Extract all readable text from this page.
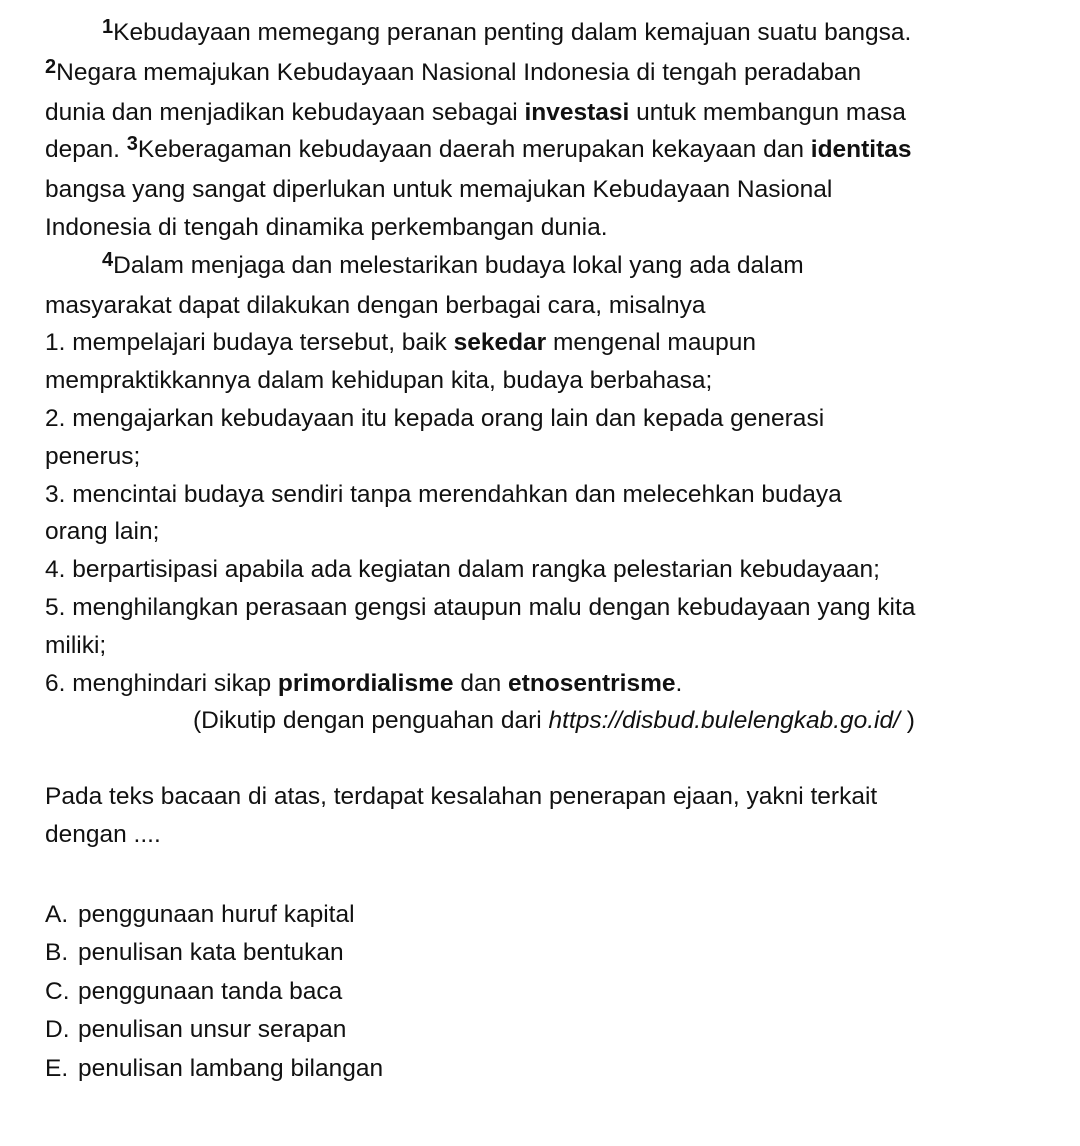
$^1$Kebudayaan memegang peranan penting dalam kemajuan suatu bangsa.
$^2$Negara memajukan Kebudayaan Nasional Indonesia di tengah peradaban
dunia dan menjadikan kebudayaan sebagai investasi untuk membangun masa
depan. $^3$Keberagaman kebudayaan daerah merupakan kekayaan dan identitas
bangsa yang sangat diperlukan untuk memajukan Kebudayaan Nasional
Indonesia di tengah dinamika perkembangan dunia.
$^4$Dalam menjaga dan melestarikan budaya lokal yang ada dalam
masyarakat dapat dilakukan dengan berbagai cara, misalnya
1. mempelajari budaya tersebut, baik sekedar mengenal maupun
mempraktikkannya dalam kehidupan kita, budaya berbahasa;
2. mengajarkan kebudayaan itu kepada orang lain dan kepada generasi
penerus;
3. mencintai budaya sendiri tanpa merendahkan dan melecehkan budaya
orang lain;
4. berpartisipasi apabila ada kegiatan dalam rangka pelestarian kebudayaan;
5. menghilangkan perasaan gengsi ataupun malu dengan kebudayaan yang kita
miliki;
6. menghindari sikap primordialisme dan etnosentrisme.
(Dikutip dengan penguahan dari https://disbud.bulelengkab.go.id/ )
Pada teks bacaan di atas, terdapat kesalahan penerapan ejaan, yakni terkait
dengan ....
A. penggunaan huruf kapital
B. penulisan kata bentukan
C. penggunaan tanda baca
D. penulisan unsur serapan
E. penulisan lambang bilangan
